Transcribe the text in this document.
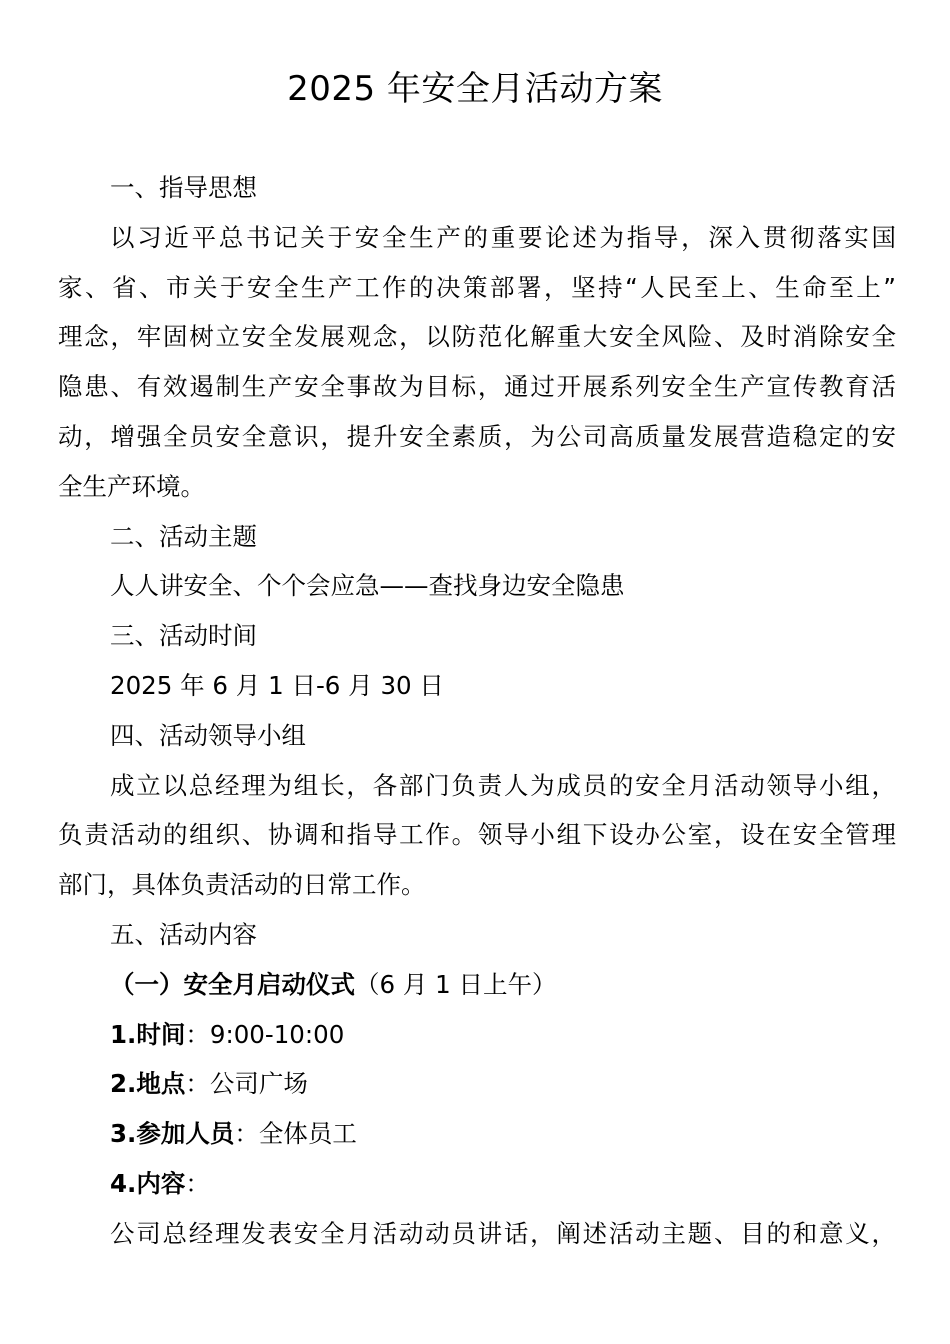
2025 年安全月活动方案
一、指导思想
以习近平总书记关于安全生产的重要论述为指导，深入贯彻落实国
家、省、市关于安全生产工作的决策部署，坚持“人民至上、生命至上”
理念，牢固树立安全发展观念，以防范化解重大安全风险、及时消除安全
隐患、有效遏制生产安全事故为目标，通过开展系列安全生产宣传教育活
动，增强全员安全意识，提升安全素质，为公司高质量发展营造稳定的安
全生产环境。
二、活动主题
人人讲安全、个个会应急——查找身边安全隐患
三、活动时间
2025 年 6 月 1 日-6 月 30 日
四、活动领导小组
成立以总经理为组长，各部门负责人为成员的安全月活动领导小组，
负责活动的组织、协调和指导工作。领导小组下设办公室，设在安全管理
部门，具体负责活动的日常工作。
五、活动内容
（一）安全月启动仪式（6 月 1 日上午）
1.时间：9:00-10:00
2.地点：公司广场
3.参加人员：全体员工
4.内容：
公司总经理发表安全月活动动员讲话，阐述活动主题、目的和意义，
